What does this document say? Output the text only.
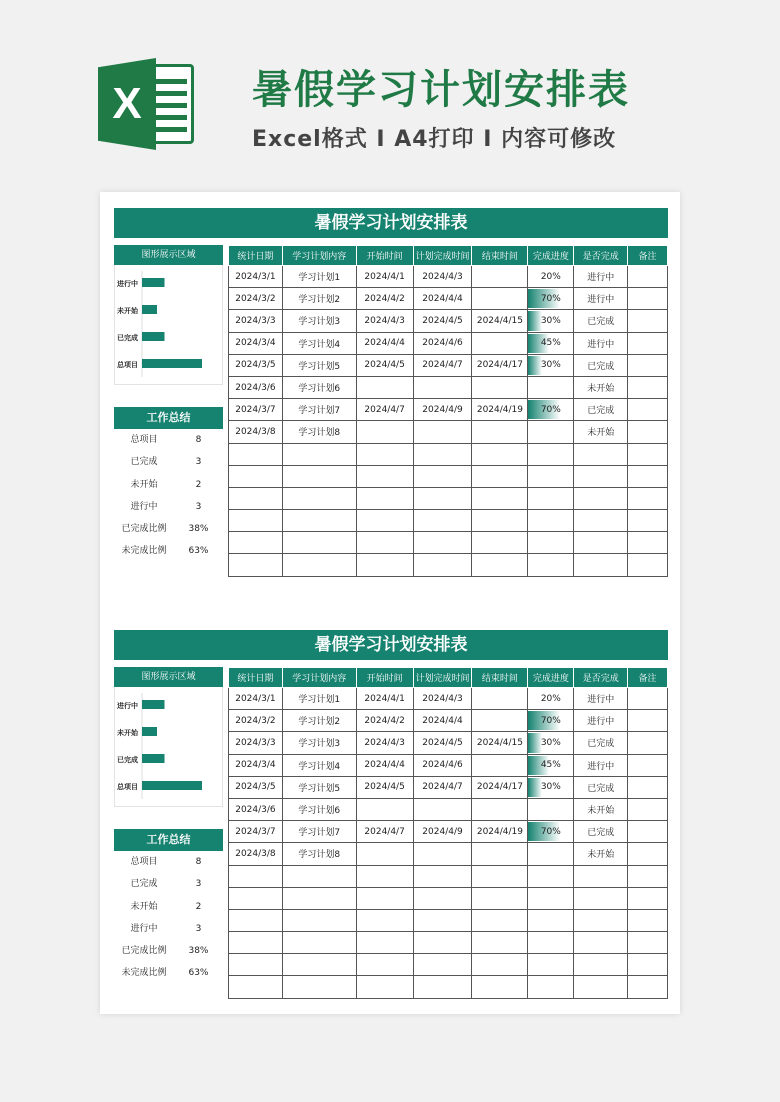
X	暑假学习计划安排表
Excel格式 I A4打印 I 内容可修改
暑假学习计划安排表
图形展示区域
进行中
未开始
已完成
总项目
工作总结
总项目	8
已完成	3
未开始	2
进行中	3
已完成比例	38%
未完成比例	63%
统计日期	学习计划内容	开始时间	计划完成时间	结束时间	完成进度	是否完成	备注
2024/3/1	学习计划1	2024/4/1	2024/4/3		20%	进行中	
2024/3/2	学习计划2	2024/4/2	2024/4/4		70%	进行中	
2024/3/3	学习计划3	2024/4/3	2024/4/5	2024/4/15	30%	已完成	
2024/3/4	学习计划4	2024/4/4	2024/4/6		45%	进行中	
2024/3/5	学习计划5	2024/4/5	2024/4/7	2024/4/17	30%	已完成	
2024/3/6	学习计划6					未开始	
2024/3/7	学习计划7	2024/4/7	2024/4/9	2024/4/19	70%	已完成	
2024/3/8	学习计划8					未开始	

暑假学习计划安排表
图形展示区域
进行中
未开始
已完成
总项目
工作总结
总项目	8
已完成	3
未开始	2
进行中	3
已完成比例	38%
未完成比例	63%
统计日期	学习计划内容	开始时间	计划完成时间	结束时间	完成进度	是否完成	备注
2024/3/1	学习计划1	2024/4/1	2024/4/3		20%	进行中	
2024/3/2	学习计划2	2024/4/2	2024/4/4		70%	进行中	
2024/3/3	学习计划3	2024/4/3	2024/4/5	2024/4/15	30%	已完成	
2024/3/4	学习计划4	2024/4/4	2024/4/6		45%	进行中	
2024/3/5	学习计划5	2024/4/5	2024/4/7	2024/4/17	30%	已完成	
2024/3/6	学习计划6					未开始	
2024/3/7	学习计划7	2024/4/7	2024/4/9	2024/4/19	70%	已完成	
2024/3/8	学习计划8					未开始	
